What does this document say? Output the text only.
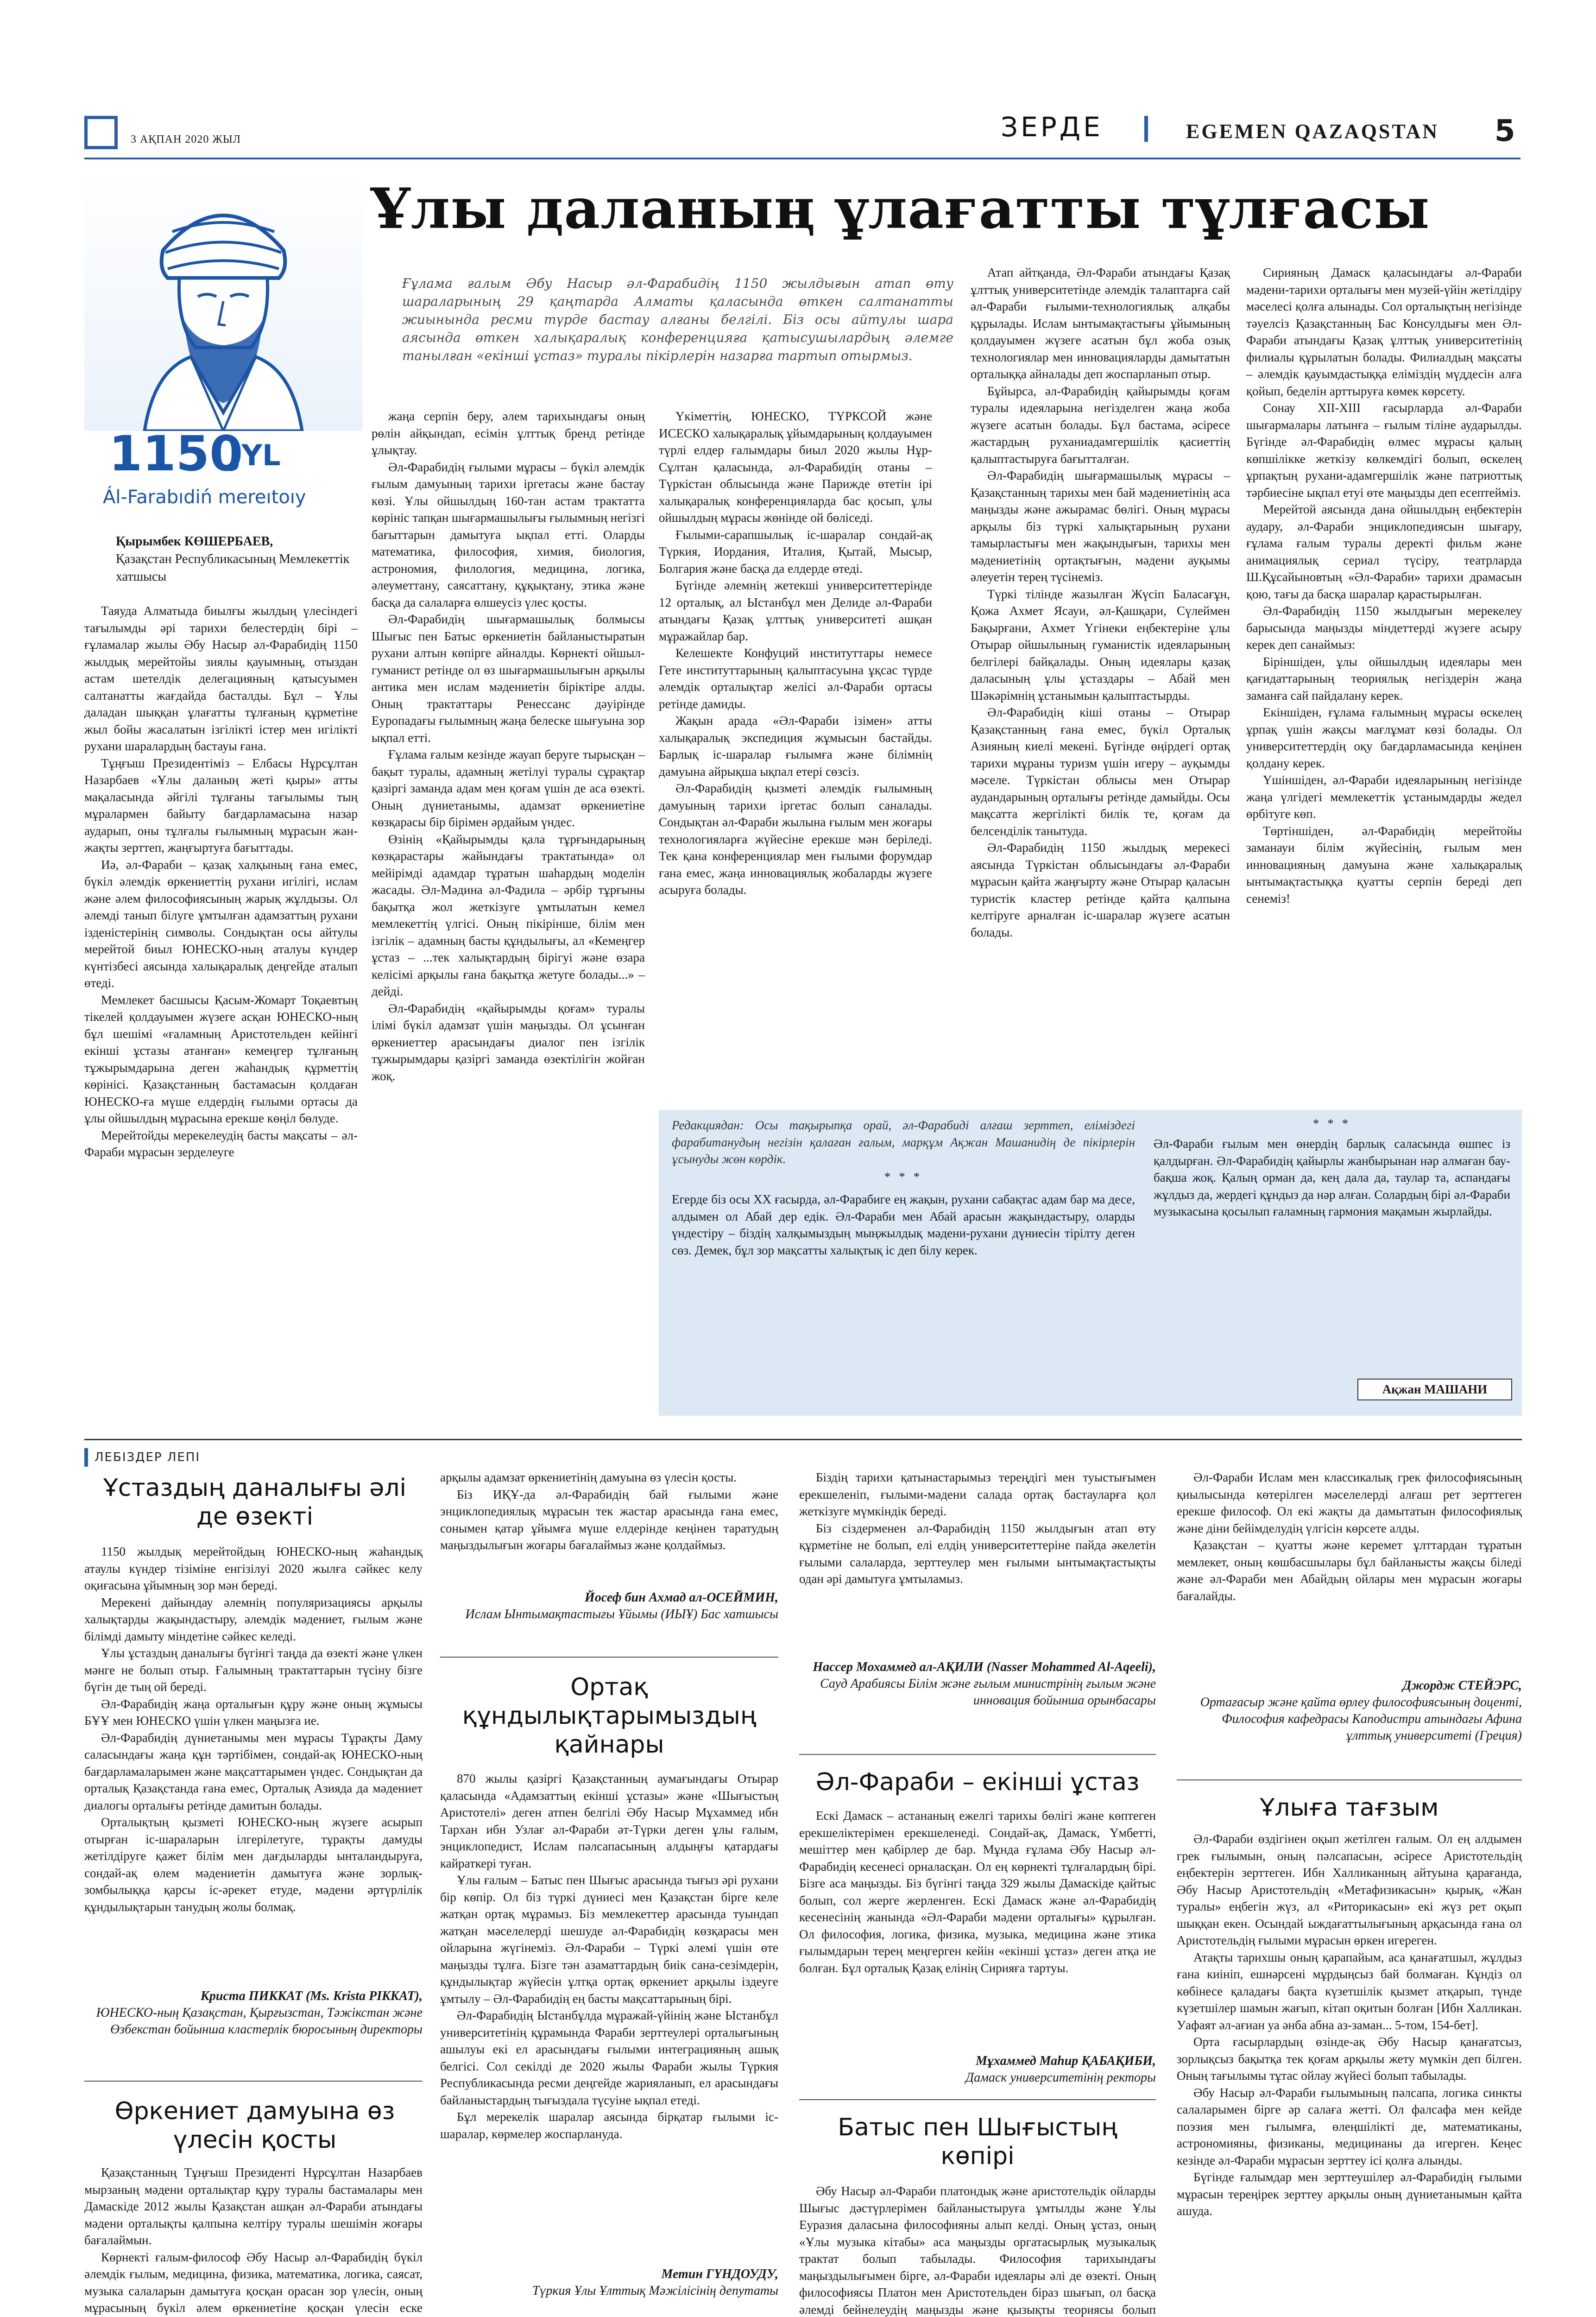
3 АҚПАН 2020 ЖЫЛ	ЗЕРДЕ	EGEMEN QAZAQSTAN 5
1150
JYL
Ál-Farabıdiń mereıtoıy
Қырымбек КӨШЕРБАЕВ,
Қазақстан Республикасының Мемлекеттік хатшысы
Ұлы даланың ұлағатты тұлғасы
Ғұлама ғалым Әбу Насыр әл-Фарабидің 1150 жылдығын атап өту шараларының 29 қаңтарда Алматы қаласында өткен салтанатты жиынында ресми түрде бастау алғаны белгілі. Біз осы айтулы шара аясында өткен халықаралық конференцияға қатысушылардың әлемге танылған «екінші ұстаз» туралы пікірлерін назарға тартып отырмыз.

Таяуда Алматыда биылғы жылдың үлесіндегі тағылымды әрі тарихи белестердің бірі – ғұламалар жылы Әбу Насыр әл-Фарабидің 1150 жылдық мерейтойы зиялы қауымның, отыздан астам шетелдік делегацияның қатысуымен салтанатты жағдайда басталды. Бұл – Ұлы даладан шыққан ұлағатты тұлғаның құрметіне жыл бойы жасалатын ізгілікті істер мен игілікті рухани шаралардың бастауы ғана.

Тұңғыш Президентіміз – Елбасы Нұрсұлтан Назарбаев «Ұлы даланың жеті қыры» атты мақаласында әйгілі тұлғаны тағылымы тың мұралармен байыту бағдарламасына назар аударып, оны тұлғалы ғылымның мұрасын жан-жақты зерттеп, жаңғыртуға бағыттады.

Иә, әл-Фараби – қазақ халқының ғана емес, бүкіл әлемдік өркениеттің рухани игілігі, ислам және әлем философиясының жарық жұлдызы. Ол әлемді танып білуге ұмтылған адамзаттың рухани ізденістерінің символы. Сондықтан осы айтулы мерейтой биыл ЮНЕСКО-ның аталуы күндер күнтізбесі аясында халықаралық деңгейде аталып өтеді.

Мемлекет басшысы Қасым-Жомарт Тоқаевтың тікелей қолдауымен жүзеге асқан ЮНЕСКО-ның бұл шешімі «ғаламның Аристотельден кейінгі екінші ұстазы атанған» кемеңгер тұлғаның тұжырымдарына деген жаһандық құрметтің көрінісі. Қазақстанның бастамасын қолдаған ЮНЕСКО-ға мүше елдердің ғылыми ортасы да ұлы ойшылдың мұрасына ерекше көңіл бөлуде.

Мерейтойды мерекелеудің басты мақсаты – әл-Фараби мұрасын зерделеуге

жаңа серпін беру, әлем тарихындағы оның рөлін айқындап, есімін ұлттық бренд ретінде ұлықтау.

Әл-Фарабидің ғылыми мұрасы – бүкіл әлемдік ғылым дамуының тарихи іргетасы және бастау көзі. Ұлы ойшылдың 160-тан астам трактатта көрініс тапқан шығармашылығы ғылымның негізгі бағыттарын дамытуға ықпал етті. Оларды математика, философия, химия, биология, астрономия, филология, медицина, логика, әлеуметтану, саясаттану, құқықтану, этика және басқа да салаларға өлшеусіз үлес қосты.

Әл-Фарабидің шығармашылық болмысы Шығыс пен Батыс өркениетін байланыстыратын рухани алтын көпірге айналды. Көрнекті ойшыл-гуманист ретінде ол өз шығармашылығын арқылы антика мен ислам мәдениетін біріктіре алды. Оның трактаттары Ренессанс дәуірінде Еуропадағы ғылымның жаңа белеске шығуына зор ықпал етті.

Ғұлама ғалым кезінде жауап беруге тырысқан – бақыт туралы, адамның жетілуі туралы сұрақтар қазіргі заманда адам мен қоғам үшін де аса өзекті. Оның дүниетанымы, адамзат өркениетіне көзқарасы бір бірімен әрдайым үндес.

Өзінің «Қайырымды қала тұрғындарының көзқарастары жайындағы трактатында» ол мейірімді адамдар тұратын шаһардың моделін жасады. Әл-Мәдина әл-Фадила – әрбір тұрғыны бақытқа жол жеткізуге ұмтылатын кемел мемлекеттің үлгісі. Оның пікірінше, білім мен ізгілік – адамның басты құндылығы, ал «Кемеңгер ұстаз – ...тек халықтардың бірігуі және өзара келісімі арқылы ғана бақытқа жетуге болады...» – дейді.

Әл-Фарабидің «қайырымды қоғам» туралы ілімі бүкіл адамзат үшін маңызды. Ол ұсынған өркениеттер арасындағы диалог пен ізгілік тұжырымдары қазіргі заманда өзектілігін жойған жоқ.

Үкіметтің, ЮНЕСКО, ТҮРКСОЙ және ИСЕСКО халықаралық ұйымдарының қолдауымен түрлі елдер ғалымдары биыл 2020 жылы Нұр-Сұлтан қаласында, әл-Фарабидің отаны – Түркістан облысында және Парижде өтетін ірі халықаралық конференцияларда бас қосып, ұлы ойшылдың мұрасы жөнінде ой бөліседі.

Ғылыми-сарапшылық іс-шаралар сондай-ақ Түркия, Иордания, Италия, Қытай, Мысыр, Болгария және басқа да елдерде өтеді.

Бүгінде әлемнің жетекші университеттерінде 12 орталық, ал Ыстанбұл мен Делиде әл-Фараби атындағы Қазақ ұлттық университеті ашқан мұражайлар бар.

Келешекте Конфуций институттары немесе Гете институттарының қалыптасуына ұқсас түрде әлемдік орталықтар желісі әл-Фараби ортасы ретінде дамиды.

Жақын арада «Әл-Фараби ізімен» атты халықаралық экспедиция жұмысын бастайды. Барлық іс-шаралар ғылымға және білімнің дамуына айрықша ықпал етері сөзсіз.

Әл-Фарабидің қызметі әлемдік ғылымның дамуының тарихи іргетас болып саналады. Сондықтан әл-Фараби жылына ғылым мен жоғары технологияларға жүйесіне ерекше мән беріледі. Тек қана конференциялар мен ғылыми форумдар ғана емес, жаңа инновациялық жобаларды жүзеге асыруға болады.

Атап айтқанда, Әл-Фараби атындағы Қазақ ұлттық университетінде әлемдік талаптарға сай әл-Фараби ғылыми-технологиялық алқабы құрылады. Ислам ынтымақтастығы ұйымының қолдауымен жүзеге асатын бұл жоба озық технологиялар мен инновацияларды дамытатын орталыққа айналады деп жоспарланып отыр.

Бұйырса, әл-Фарабидің қайырымды қоғам туралы идеяларына негізделген жаңа жоба жүзеге асатын болады. Бұл бастама, әсіресе жастардың руханиадамгершілік қасиеттің қалыптастыруға бағытталған.

Әл-Фарабидің шығармашылық мұрасы – Қазақстанның тарихы мен бай мәдениетінің аса маңызды және ажырамас бөлігі. Оның мұрасы арқылы біз түркі халықтарының рухани тамырластығы мен жақындығын, тарихы мен мәдениетінің ортақтығын, мәдени ауқымы әлеуетін терең түсінеміз.

Түркі тілінде жазылған Жүсіп Баласағұн, Қожа Ахмет Ясауи, әл-Қашқари, Сүлеймен Бақырғани, Ахмет Үгінеки еңбектеріне ұлы Отырар ойшылының гуманистік идеяларының белгілері байқалады. Оның идеялары қазақ даласының ұлы ұстаздары – Абай мен Шәкәрімнің ұстанымын қалыптастырды.

Әл-Фарабидің кіші отаны – Отырар Қазақстанның ғана емес, бүкіл Орталық Азияның киелі мекені. Бүгінде өңірдегі ортақ тарихи мұраны туризм үшін игеру – ауқымды мәселе. Түркістан облысы мен Отырар аудандарының орталығы ретінде дамыйды. Осы мақсатта жергілікті билік те, қоғам да белсенділік танытуда.

Әл-Фарабидің 1150 жылдық мерекесі аясында Түркістан облысындағы әл-Фараби мұрасын қайта жаңғырту және Отырар қаласын туристік кластер ретінде қайта қалпына келтіруге арналған іс-шаралар жүзеге асатын болады.

Сирияның Дамаск қаласындағы әл-Фараби мәдени-тарихи орталығы мен музей-үйін жетілдіру мәселесі қолға алынады. Сол орталықтың негізінде тәуелсіз Қазақстанның Бас Консулдығы мен Әл-Фараби атындағы Қазақ ұлттық университетінің филиалы құрылатын болады. Филиалдың мақсаты – әлемдік қауымдастыққа еліміздің мүддесін алға қойып, беделін арттыруға көмек көрсету.

Сонау ХІІ-ХІІІ ғасырларда әл-Фараби шығармалары латынға – ғылым тіліне аударылды. Бүгінде әл-Фарабидің өлмес мұрасы қалың көпшілікке жеткізу көлкемдігі болып, өскелең ұрпақтың рухани-адамгершілік және патриоттық тәрбиесіне ықпал етуі өте маңызды деп есептейміз.

Мерейтой аясында дана ойшылдың еңбектерін аудару, әл-Фараби энциклопедиясын шығару, ғұлама ғалым туралы деректі фильм және анимациялық сериал түсіру, театрларда Ш.Құсайыновтың «Әл-Фараби» тарихи драмасын қою, тағы да басқа шаралар қарастырылған.

Әл-Фарабидің 1150 жылдығын мерекелеу барысында маңызды міндеттерді жүзеге асыру керек деп санаймыз:

Біріншіден, ұлы ойшылдың идеялары мен қағидаттарының теориялық негіздерін жаңа заманға сай пайдалану керек.

Екіншіден, ғұлама ғалымның мұрасы өскелең ұрпақ үшін жақсы мағлұмат көзі болады. Ол университеттердің оқу бағдарламасында кеңінен қолдану керек.

Үшіншіден, әл-Фараби идеяларының негізінде жаңа үлгідегі мемлекеттік ұстанымдарды жедел өрбітуге көп.

Төртіншіден, әл-Фарабидің мерейтойы заманауи білім жүйесінің, ғылым мен инновацияның дамуына және халықаралық ынтымақтастыққа қуатты серпін береді деп сенеміз!

Редакциядан: Осы тақырыпқа орай, әл-Фарабиді алғаш зерттеп, еліміздегі фарабитанудың негізін қалаған ғалым, марқұм Ақжан Машанидің де пікірлерін ұсынуды жөн көрдік.
* * *
Егерде біз осы ХХ ғасырда, әл-Фарабиге ең жақын, рухани сабақтас адам бар ма десе, алдымен ол Абай дер едік. Әл-Фараби мен Абай арасын жақындастыру, оларды үндестіру – біздің халқымыздың мыңжылдық мәдени-рухани дүниесін тірілту деген сөз. Демек, бұл зор мақсатты халықтық іс деп білу керек.
* * *
Әл-Фараби ғылым мен өнердің барлық саласында өшпес із қалдырған. Әл-Фарабидің қайырлы жанбырынан нәр алмаған бау-бақша жоқ. Қалың орман да, кең дала да, таулар та, аспандағы жұлдыз да, жердегі құндыз да нәр алған. Солардың бірі әл-Фараби музыкасына қосылып ғаламның гармония мақамын жырлайды.
Ақжан МАШАНИ
ЛЕБІЗДЕР ЛЕПІ
Ұстаздың даналығы әлі де өзекті

1150 жылдық мерейтойдың ЮНЕСКО-ның жаһандық атаулы күндер тізіміне енгізілуі 2020 жылға сәйкес келу оқиғасына ұйымның зор мән береді.

Мерекені дайындау әлемнің популяризациясы арқылы халықтарды жақындастыру, әлемдік мәдениет, ғылым және білімді дамыту міндетіне сәйкес келеді.

Ұлы ұстаздың даналығы бүгінгі таңда да өзекті және үлкен мәнге не болып отыр. Ғалымның трактаттарын түсіну бізге бүгін де тың ой береді.

Әл-Фарабидің жаңа орталығын құру және оның жұмысы БҰҰ мен ЮНЕСКО үшін үлкен маңызға ие.

Әл-Фарабидің дүниетанымы мен мұрасы Тұрақты Даму саласындағы жаңа құн тәртібімен, сондай-ақ ЮНЕСКО-ның бағдарламаларымен және мақсаттарымен үндес. Сондықтан да орталық Қазақстанда ғана емес, Орталық Азияда да мәдениет диалогы орталығы ретінде дамитын болады.

Орталықтың қызметі ЮНЕСКО-ның жүзеге асырып отырған іс-шараларын ілгерілетуге, тұрақты дамуды жетілдіруге қажет білім мен дағдыларды ынталандыруға, сондай-ақ өлем мәдениетін дамытуға және зорлық-зомбылыққа қарсы іс-әрекет етуде, мәдени әртүрлілік құндылықтарын танудың жолы болмақ.

Криста ПИККАТ (Ms. Krista PIKKAT),
ЮНЕСКО-ның Қазақстан, Қырғызстан, Тәжікстан және Өзбекстан бойынша кластерлік бюросының директоры
Өркениет дамуына өз үлесін қосты

Қазақстанның Тұңғыш Президенті Нұрсұлтан Назарбаев мырзаның мәдени орталықтар құру туралы бастамалары мен Дамаскіде 2012 жылы Қазақстан ашқан әл-Фараби атындағы мәдени орталықты қалпына келтіру туралы шешімін жоғары бағалаймын.

Көрнекті ғалым-философ Әбу Насыр әл-Фарабидің бүкіл әлемдік ғылым, медицина, физика, математика, логика, саясат, музыка салаларын дамытуға қосқан орасан зор үлесін, оның мұрасының бүкіл әлем өркениетіне қосқан үлесін еске

арқылы адамзат өркениетінің дамуына өз үлесін қосты.

Біз ИҚҰ-да әл-Фарабидің бай ғылыми және энциклопедиялық мұрасын тек жастар арасында ғана емес, сонымен қатар ұйымға мүше елдерінде кеңінен таратудың маңыздылығын жоғары бағалаймыз және қолдаймыз.

Йосеф бин Ахмад ал-ОСЕЙМИН,
Ислам Ынтымақтастығы Ұйымы (ИЫҰ) Бас хатшысы
Ортақ құндылықтарымыздың қайнары

870 жылы қазіргі Қазақстанның аумағындағы Отырар қаласында «Адамзаттың екінші ұстазы» және «Шығыстың Аристотелі» деген атпен белгілі Әбу Насыр Мұхаммед ибн Тархан ибн Узлағ әл-Фараби әт-Түрки деген ұлы ғалым, энциклопедист, Ислам пәлсапасының алдыңғы қатардағы кайраткері туған.

Ұлы ғалым – Батыс пен Шығыс арасында тығыз әрі рухани бір көпір. Ол біз түркі дүниесі мен Қазақстан бірге келе жатқан ортақ мұрамыз. Біз мемлекеттер арасында туындап жатқан мәселелерді шешуде әл-Фарабидің көзқарасы мен ойларына жүгінеміз. Әл-Фараби – Түркі әлемі үшін өте маңызды тұлға. Бізге тән азаматтардың биік сана-сезімдерін, құндылықтар жүйесін ұлтқа ортақ өркениет арқылы іздеуге ұмтылу – Әл-Фарабидің ең басты мақсаттарының бірі.

Әл-Фарабидің Ыстанбұлда мұражай-үйінің және Ыстанбұл университетінің құрамында Фараби зерттеулері орталығының ашылуы екі ел арасындағы ғылыми интеграцияның ашық белгісі. Сол секілді де 2020 жылы Фараби жылы Түркия Республикасында ресми деңгейде жарияланып, ел арасындағы байланыстардың тығыздала түсуіне ықпал етеді.

Бұл мерекелік шаралар аясында бірқатар ғылыми іс-шаралар, көрмелер жоспарлануда.

Метин ГҮНДОУДУ,
Түркия Ұлы Ұлттық Мәжілісінің депутаты

Біздің тарихи қатынастарымыз тереңдігі мен туыстығымен ерекшеленіп, ғылыми-мәдени салада ортақ бастауларға қол жеткізуге мүмкіндік береді.

Біз сіздерменен әл-Фарабидің 1150 жылдығын атап өту құрметіне не болып, елі елдің университеттеріне пайда әкелетін ғылыми салаларда, зерттеулер мен ғылыми ынтымақтастықты одан әрі дамытуға ұмтыламыз.

Нассер Мохаммед ал-АҚИЛИ (Nasser Mohammed Al-Aqeeli),
Сауд Арабиясы Білім және ғылым министрінің ғылым және инновация бойынша орынбасары
Әл-Фараби – екінші ұстаз

Ескі Дамаск – астананың ежелгі тарихы бөлігі және көптеген ерекшеліктерімен ерекшеленеді. Сондай-ақ, Дамаск, Үмбетті, мешіттер мен қабірлер де бар. Мұнда ғұлама Әбу Насыр әл-Фарабидің кесенесі орналасқан. Ол ең көрнекті тұлғалардың бірі. Бізге аса маңызды. Біз бүгінгі таңда 329 жылы Дамаскіде қайтыс болып, сол жерге жерленген. Ескі Дамаск және әл-Фарабидің кесенесінің жанында «Әл-Фараби мәдени орталығы» құрылған. Ол философия, логика, физика, музыка, медицина және этика ғылымдарын терең меңгерген кейін «екінші ұстаз» деген атқа ие болған. Бұл орталық Қазақ елінің Сирияға тартуы.

Мұхаммед Маһир ҚАБАҚИБИ,
Дамаск университетінің ректоры
Батыс пен Шығыстың көпірі

Әбу Насыр әл-Фараби платондық және аристотельдік ойларды Шығыс дәстүрлерімен байланыстыруға ұмтылды және Ұлы Еуразия даласына философияны алып келді. Оның ұстаз, оның «Ұлы музыка кітабы» аса маңызды оргатасырлық музыкалық трактат болып табылады. Философия тарихындағы маңыздылығымен бірге, әл-Фараби идеялары әлі де өзекті. Оның философиясы Платон мен Аристотельден біраз шығып, ол басқа әлемді бейнелеудің маңызды және қызықты теориясы болып

Әл-Фараби Ислам мен классикалық грек философиясының қиылысында көтерілген мәселелерді алғаш рет зерттеген ерекше философ. Ол екі жақты да дамытатын философиялық және діни бейімделудің үлгісін көрсете алды.

Қазақстан – қуатты және керемет ұлттардан тұратын мемлекет, оның көшбасшылары бұл байланысты жақсы біледі және әл-Фараби мен Абайдың ойлары мен мұрасын жоғары бағалайды.

Джордж СТЕЙЭРС,
Ортағасыр және қайта өрлеу философиясының доценті, Философия кафедрасы Каподистри атындағы Афина ұлттық университеті (Греция)
Ұлыға тағзым

Әл-Фараби өздігінен оқып жетілген ғалым. Ол ең алдымен грек ғылымын, оның пәлсапасын, әсіресе Аристотельдің еңбектерін зерттеген. Ибн Халликанның айтуына қарағанда, Әбу Насыр Аристотельдің «Метафизикасын» қырық, «Жан туралы» еңбегін жүз, ал «Риторикасын» екі жүз рет оқып шыққан екен. Осындай ыждағаттылығының арқасында ғана ол Аристотельдің ғылыми мұрасын өркен игереген.

Атақты тарихшы оның қарапайым, аса қанағатшыл, жұлдыз ғана киініп, ешнәрсені мұрдыңсыз бай болмаған. Кұндіз ол көбінесе қаладағы бақта күзетшілік қызмет атқарып, түнде күзетшілер шамын жағып, кітап оқитын болған [Ибн Халликан. Уафаят әл-ағиан уа әнба абна аз-заман... 5-том, 154-бет].

Орта ғасырлардың өзінде-ақ Әбу Насыр қанағатсыз, зорлықсыз бақытқа тек қоғам арқылы жету мүмкін деп білген. Оның тағылымы тұтас ойлау жүйесі болып табылады.

Әбу Насыр әл-Фараби ғылымының пәлсапа, логика синкты салаларымен бірге әр салаға жетті. Ол фалсафа мен кейде поэзия мен гылымға, өлеңшілікті де, математиканы, астрономияны, физиканы, медицинаны да игерген. Кеңес кезінде әл-Фараби мұрасын зерттеу ісі қолға алынды.

Бүгінде ғалымдар мен зерттеушілер әл-Фарабидің ғылыми мұрасын тереңірек зерттеу арқылы оның дүниетанымын қайта ашуда.
